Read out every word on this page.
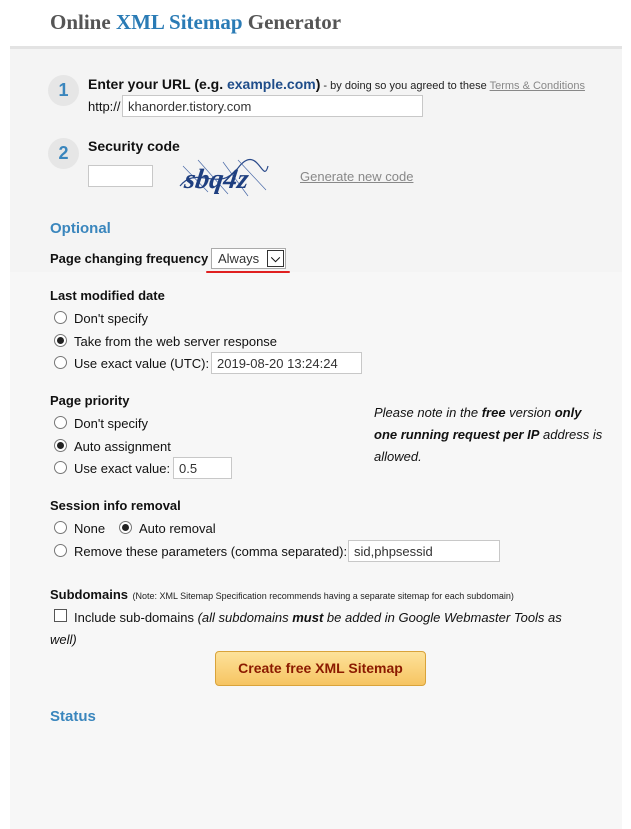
Online XML Sitemap Generator
1	Enter your URL (e.g. example.com) - by doing so you agreed to these Terms & Conditions
http://
khanorder.tistory.com
2	Security code
sbq4z	Generate new code
Optional
Page changing frequency Always ⌵
Last modified date
Don't specify
Take from the web server response
Use exact value (UTC):
2019-08-20 13:24:24
Page priority
Don't specify
Auto assignment
Use exact value:
0.5
Please note in the free version only one running request per IP address is allowed.
Session info removal
None	Auto removal
Remove these parameters (comma separated):
sid,phpsessid
Subdomains (Note: XML Sitemap Specification recommends having a separate sitemap for each subdomain)
Include sub-domains (all subdomains must be added in Google Webmaster Tools as
well)
Create free XML Sitemap
Status
